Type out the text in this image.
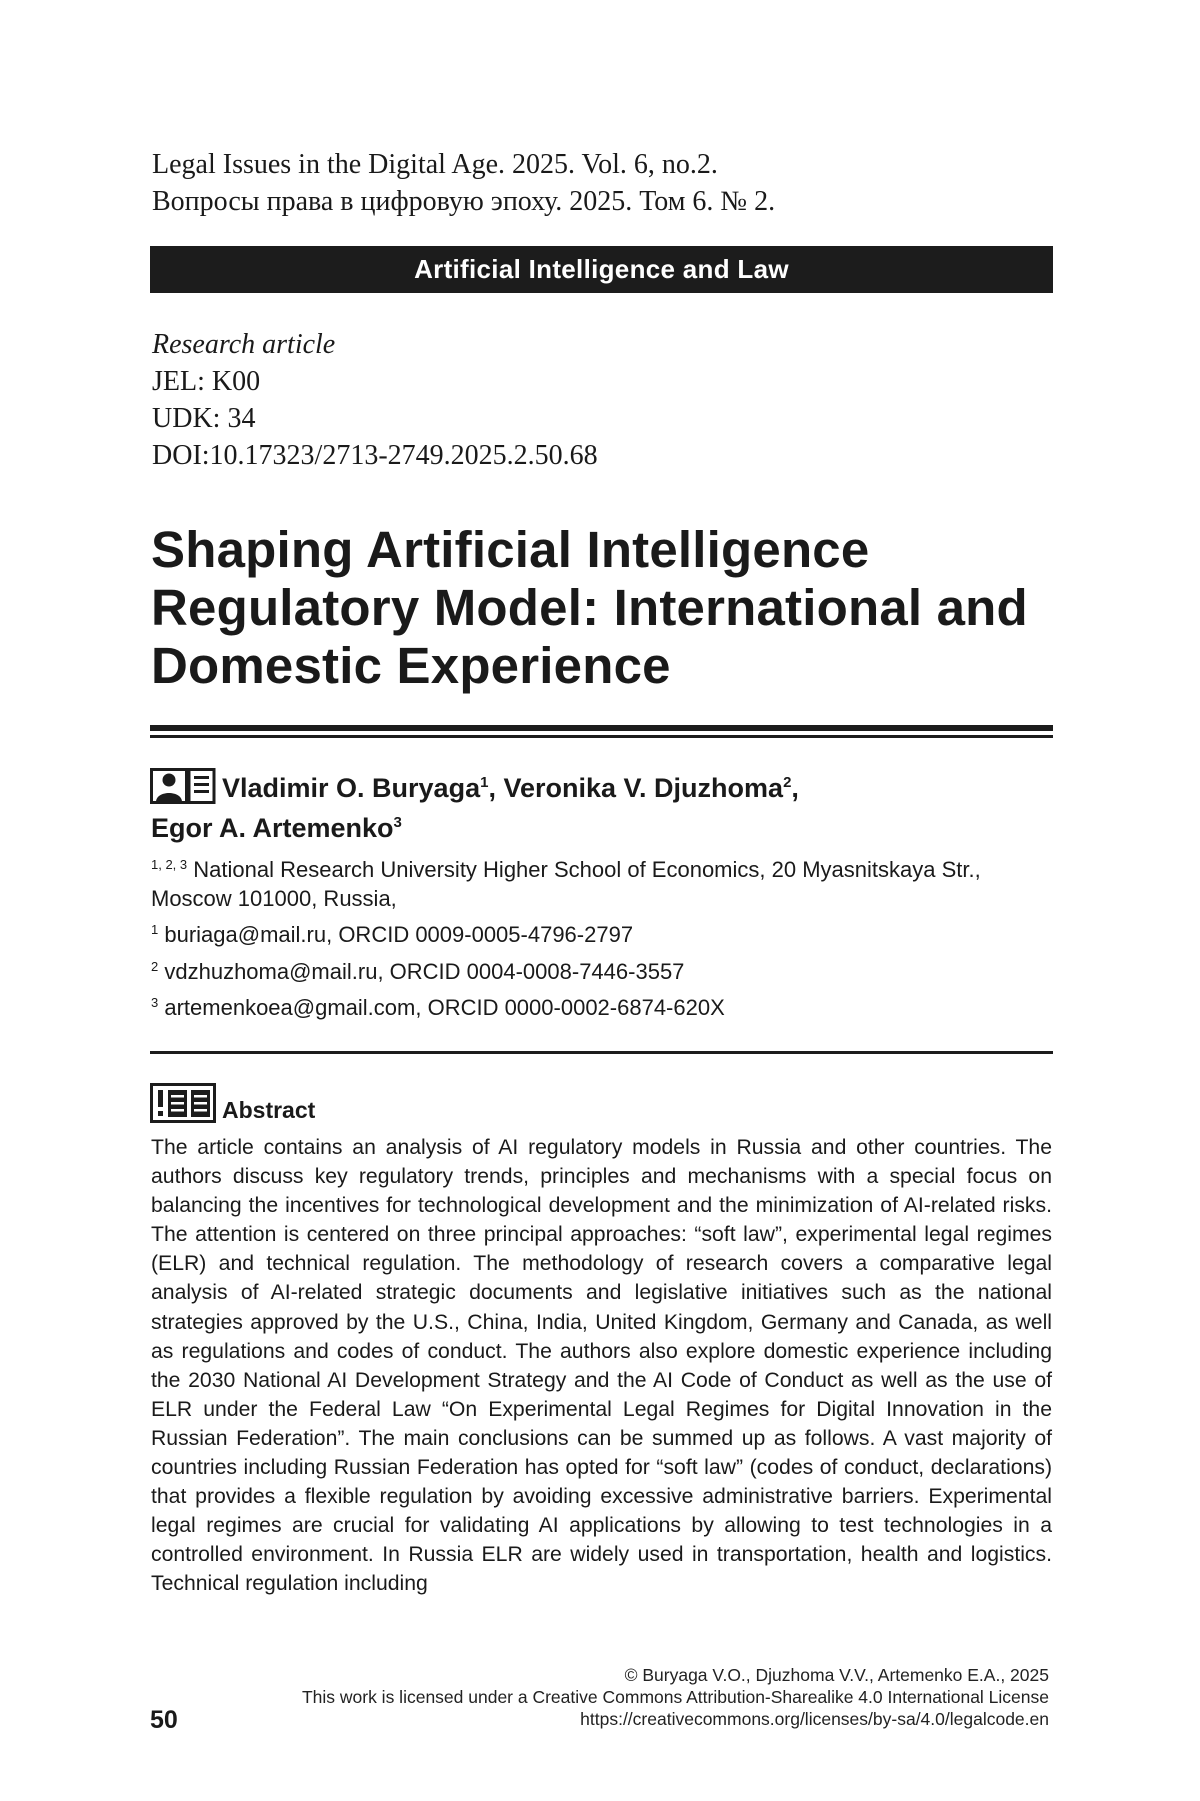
Legal Issues in the Digital Age. 2025. Vol. 6, no.2.
Вопросы права в цифровую эпоху. 2025. Том 6. № 2.
Artificial Intelligence and Law
Research article
JEL: K00
UDK: 34
DOI:10.17323/2713-2749.2025.2.50.68
Shaping Artificial Intelligence Regulatory Model: International and Domestic Experience
Vladimir O. Buryaga$^1$, Veronika V. Djuzhoma$^2$,
Egor A. Artemenko$^3$
$^{1, 2, 3}$ National Research University Higher School of Economics, 20 Myasnitskaya Str., Moscow 101000, Russia,
$^1$ buriaga@mail.ru, ORCID 0009-0005-4796-2797
$^2$ vdzhuzhoma@mail.ru, ORCID 0004-0008-7446-3557
$^3$ artemenkoea@gmail.com, ORCID 0000-0002-6874-620X
Abstract

The article contains an analysis of AI regulatory models in Russia and other countries. The authors discuss key regulatory trends, principles and mechanisms with a special focus on balancing the incentives for technological development and the minimization of AI-related risks. The attention is centered on three principal approaches: “soft law”, experimental legal regimes (ELR) and technical regulation. The methodology of research covers a comparative legal analysis of AI-related strategic documents and legislative initiatives such as the national strategies approved by the U.S., China, India, United Kingdom, Germany and Canada, as well as regulations and codes of conduct. The authors also explore domestic experience including the 2030 National AI Development Strategy and the AI Code of Conduct as well as the use of ELR under the Federal Law “On Experimental Legal Regimes for Digital Innovation in the Russian Federation”. The main conclusions can be summed up as follows. A vast majority of countries including Russian Federation has opted for “soft law” (codes of conduct, declarations) that provides a flexible regulation by avoiding excessive administrative barriers. Experimental legal regimes are crucial for validating AI applications by allowing to test technologies in a controlled environment. In Russia ELR are widely used in transportation, health and logistics. Technical regulation including

© Buryaga V.O., Djuzhoma V.V., Artemenko E.A., 2025
This work is licensed under a Creative Commons Attribution-Sharealike 4.0 International License
https://creativecommons.org/licenses/by-sa/4.0/legalcode.en
50
